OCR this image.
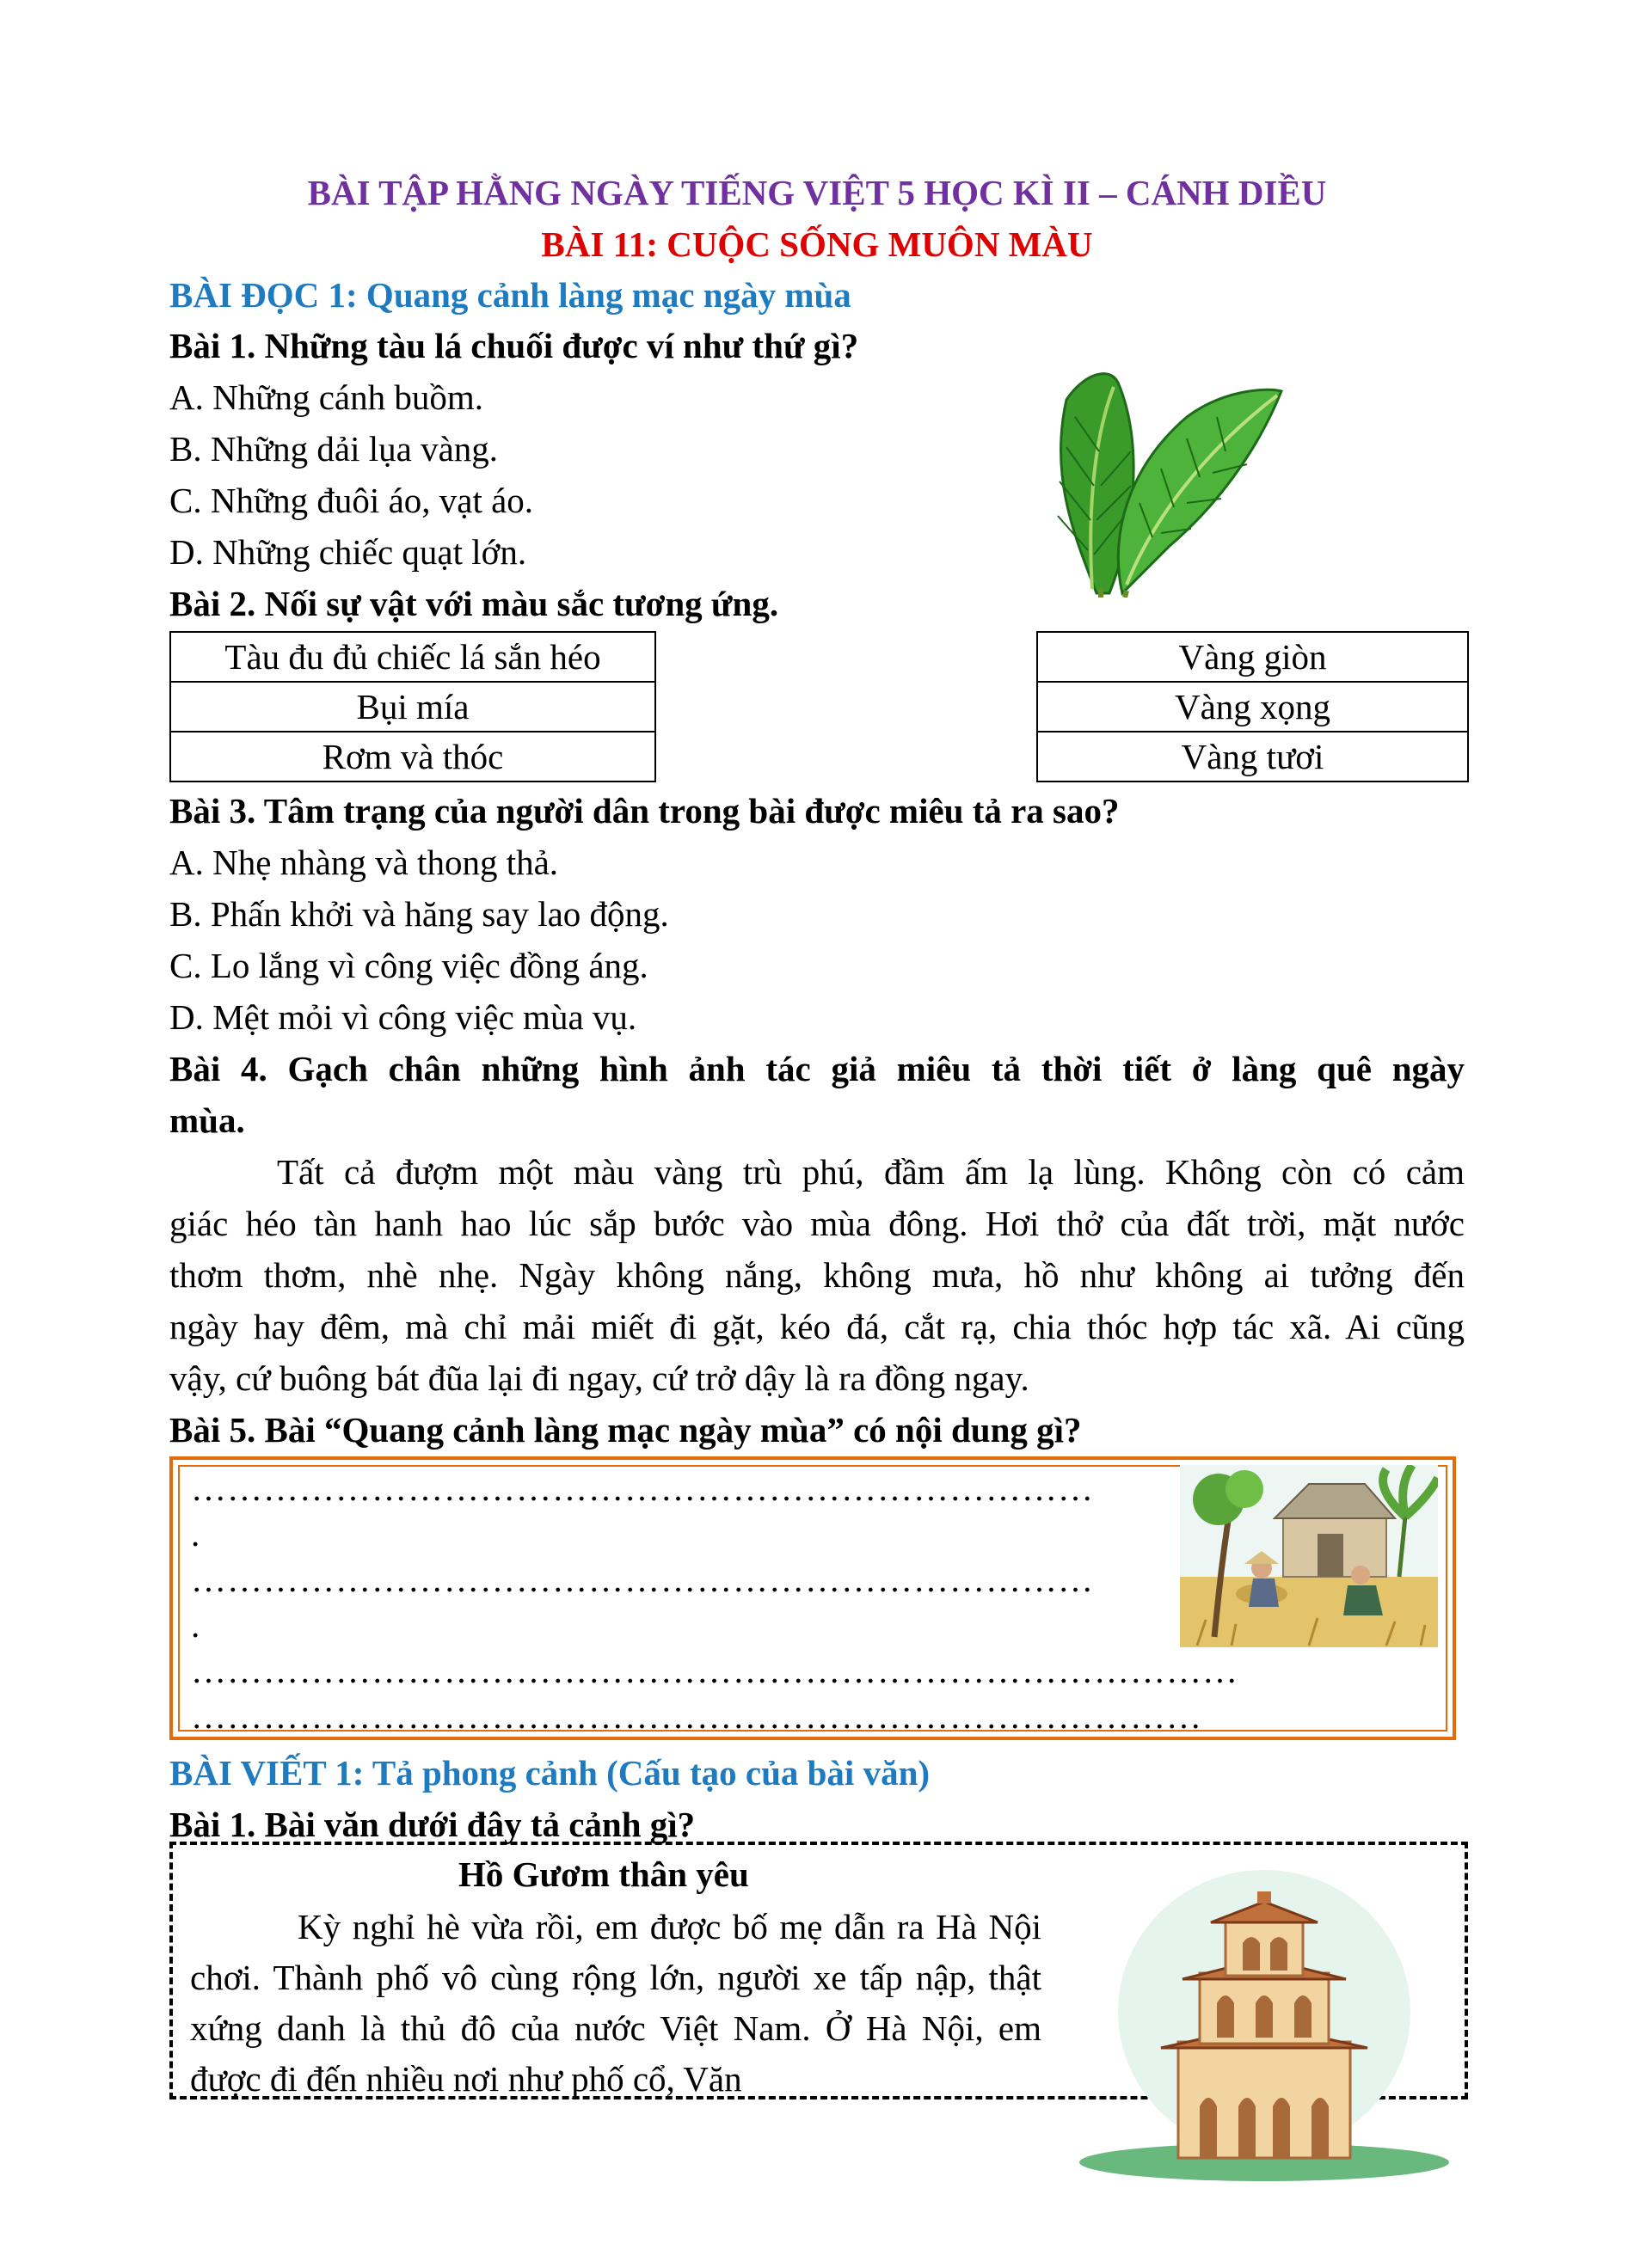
BÀI TẬP HẰNG NGÀY TIẾNG VIỆT 5 HỌC KÌ II – CÁNH DIỀU
BÀI 11: CUỘC SỐNG MUÔN MÀU
BÀI ĐỌC 1: Quang cảnh làng mạc ngày mùa
Bài 1. Những tàu lá chuối được ví như thứ gì?
A. Những cánh buồm.
B. Những dải lụa vàng.
C. Những đuôi áo, vạt áo.
D. Những chiếc quạt lớn.
Bài 2. Nối sự vật với màu sắc tương ứng.
Tàu đu đủ chiếc lá sắn héo
Bụi mía
Rơm và thóc
Vàng giòn
Vàng xọng
Vàng tươi
Bài 3. Tâm trạng của người dân trong bài được miêu tả ra sao?
A. Nhẹ nhàng và thong thả.
B. Phấn khởi và hăng say lao động.
C. Lo lắng vì công việc đồng áng.
D. Mệt mỏi vì công việc mùa vụ.
Bài 4. Gạch chân những hình ảnh tác giả miêu tả thời tiết ở làng quê ngày
mùa.
Tất cả đượm một màu vàng trù phú, đầm ấm lạ lùng. Không còn có cảm
giác héo tàn hanh hao lúc sắp bước vào mùa đông. Hơi thở của đất trời, mặt nước
thơm thơm, nhè nhẹ. Ngày không nắng, không mưa, hồ như không ai tưởng đến
ngày hay đêm, mà chỉ mải miết đi gặt, kéo đá, cắt rạ, chia thóc hợp tác xã. Ai cũng
vậy, cứ buông bát đũa lại đi ngay, cứ trở dậy là ra đồng ngay.
Bài 5. Bài “Quang cảnh làng mạc ngày mùa” có nội dung gì?
…………………………………………………………………
.
…………………………………………………………………
.
……………………………………………………………………………
…………………………………………………………………………
BÀI VIẾT 1: Tả phong cảnh (Cấu tạo của bài văn)
Bài 1. Bài văn dưới đây tả cảnh gì?
Hồ Gươm thân yêu
Kỳ nghỉ hè vừa rồi, em được bố mẹ dẫn ra Hà Nội chơi. Thành phố vô cùng rộng lớn, người xe tấp nập, thật xứng danh là thủ đô của nước Việt Nam. Ở Hà Nội, em được đi đến nhiều nơi như phố cổ, Văn
